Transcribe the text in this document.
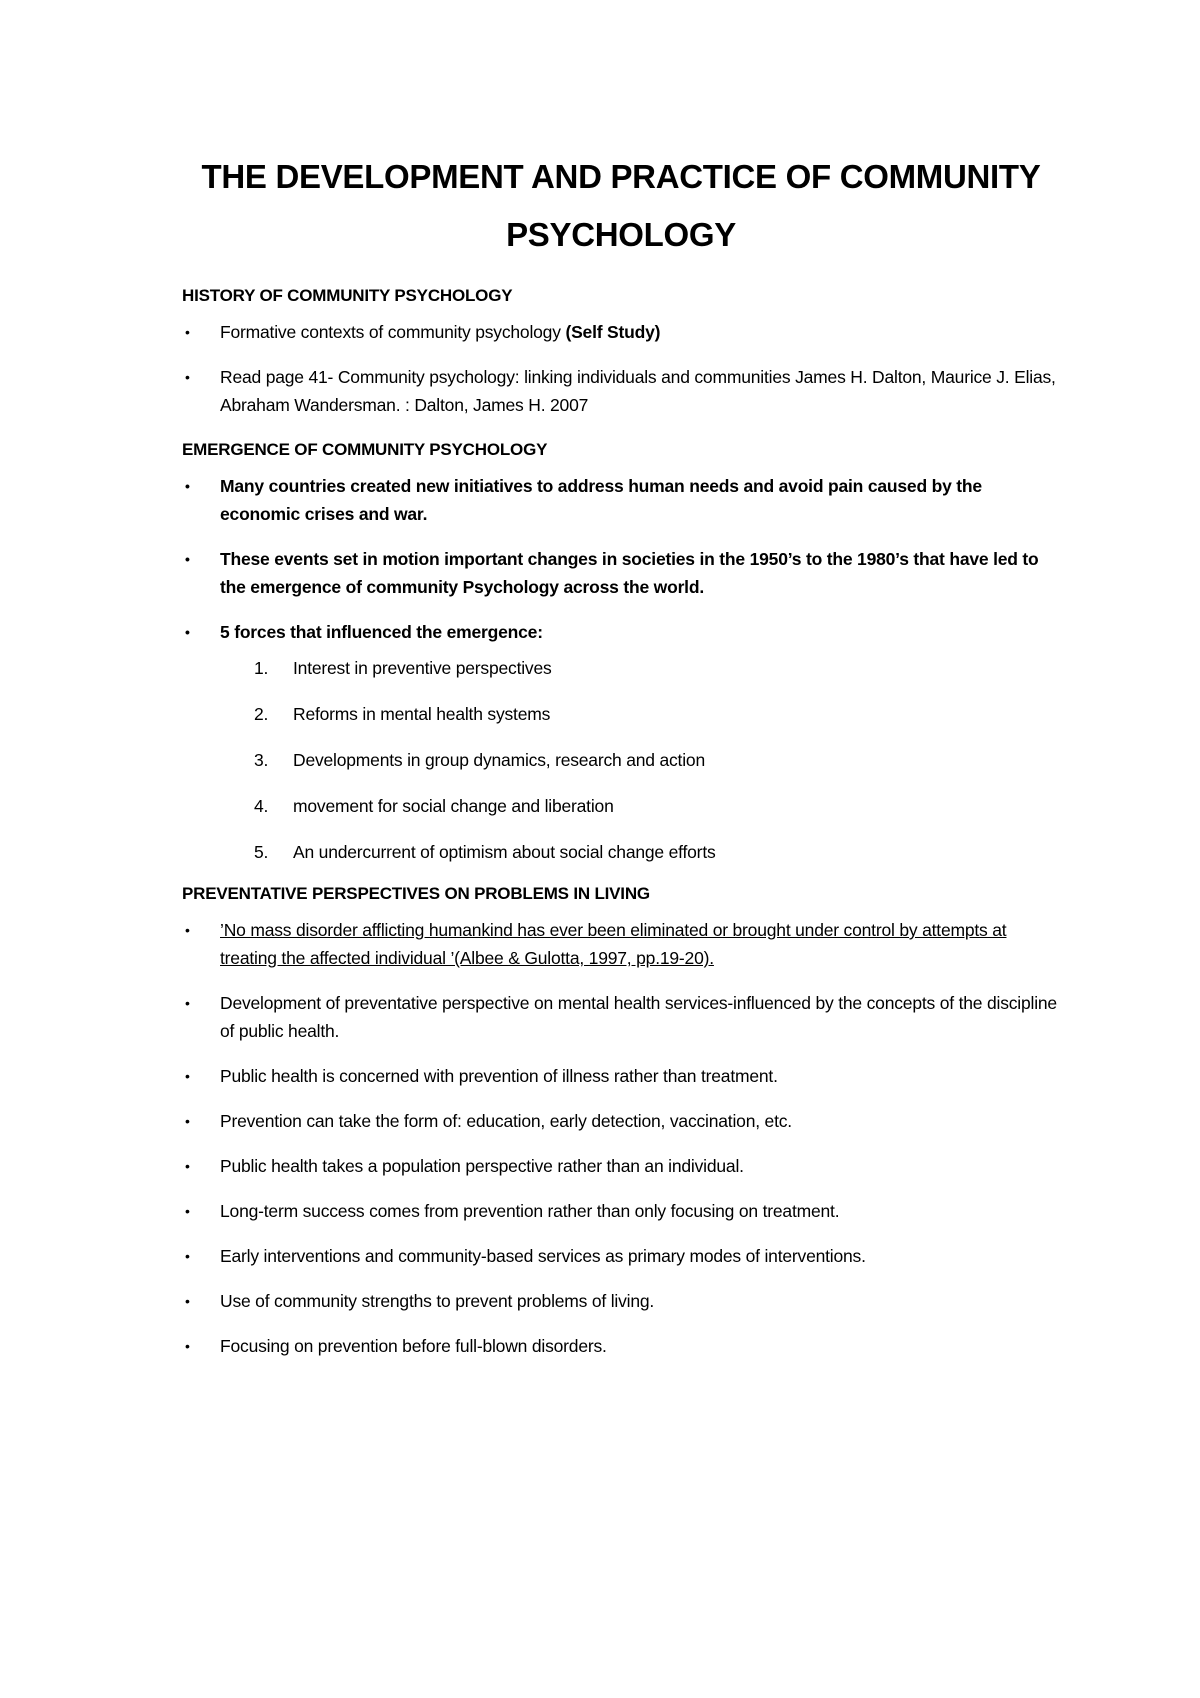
THE DEVELOPMENT AND PRACTICE OF COMMUNITY PSYCHOLOGY

HISTORY OF COMMUNITY PSYCHOLOGY

• Formative contexts of community psychology (Self Study)
• Read page 41- Community psychology: linking individuals and communities James H. Dalton, Maurice J. Elias, Abraham Wandersman. : Dalton, James H. 2007

EMERGENCE OF COMMUNITY PSYCHOLOGY

• Many countries created new initiatives to address human needs and avoid pain caused by the economic crises and war.
• These events set in motion important changes in societies in the 1950’s to the 1980’s that have led to the emergence of community Psychology across the world.
• 5 forces that influenced the emergence:
1. Interest in preventive perspectives
2. Reforms in mental health systems
3. Developments in group dynamics, research and action
4. movement for social change and liberation
5. An undercurrent of optimism about social change efforts

PREVENTATIVE PERSPECTIVES ON PROBLEMS IN LIVING

• ’No mass disorder afflicting humankind has ever been eliminated or brought under control by attempts at treating the affected individual ’(Albee & Gulotta, 1997, pp.19-20).
• Development of preventative perspective on mental health services-influenced by the concepts of the discipline of public health.
• Public health is concerned with prevention of illness rather than treatment.
• Prevention can take the form of: education, early detection, vaccination, etc.
• Public health takes a population perspective rather than an individual.
• Long-term success comes from prevention rather than only focusing on treatment.
• Early interventions and community-based services as primary modes of interventions.
• Use of community strengths to prevent problems of living.
• Focusing on prevention before full-blown disorders.
